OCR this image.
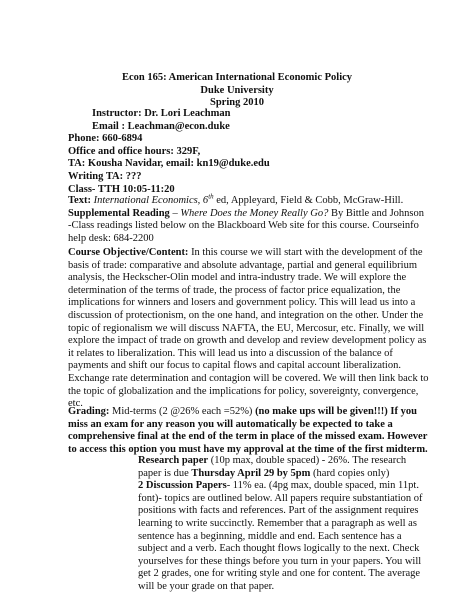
Econ 165: American International Economic Policy
Duke University
Spring 2010
Instructor: Dr. Lori Leachman
Email : Leachman@econ.duke
Phone: 660-6894
Office and office hours: 329F,
TA: Kousha Navidar, email: kn19@duke.edu
Writing TA: ???
Class- TTH 10:05-11:20

Text: International Economics, 6th ed, Appleyard, Field & Cobb, McGraw-Hill.

Supplemental Reading – Where Does the Money Really Go? By Bittle and Johnson

-Class readings listed below on the Blackboard Web site for this course. Courseinfo help desk: 684-2200

Course Objective/Content: In this course we will start with the development of the basis of trade: comparative and absolute advantage, partial and general equilibrium analysis, the Heckscher-Olin model and intra-industry trade. We will explore the determination of the terms of trade, the process of factor price equalization, the implications for winners and losers and government policy. This will lead us into a discussion of protectionism, on the one hand, and integration on the other. Under the topic of regionalism we will discuss NAFTA, the EU, Mercosur, etc. Finally, we will explore the impact of trade on growth and develop and review development policy as it relates to liberalization. This will lead us into a discussion of the balance of payments and shift our focus to capital flows and capital account liberalization. Exchange rate determination and contagion will be covered. We will then link back to the topic of globalization and the implications for policy, sovereignty, convergence, etc.

Grading: Mid-terms (2 @26% each =52%) (no make ups will be given!!!) If you miss an exam for any reason you will automatically be expected to take a comprehensive final at the end of the term in place of the missed exam. However to access this option you must have my approval at the time of the first midterm.

Research paper (10p max, double spaced) - 26%. The research paper is due Thursday April 29 by 5pm (hard copies only)

2 Discussion Papers- 11% ea. (4pg max, double spaced, min 11pt. font)- topics are outlined below. All papers require substantiation of positions with facts and references. Part of the assignment requires learning to write succinctly. Remember that a paragraph as well as sentence has a beginning, middle and end. Each sentence has a subject and a verb. Each thought flows logically to the next. Check yourselves for these things before you turn in your papers. You will get 2 grades, one for writing style and one for content. The average will be your grade on that paper.
